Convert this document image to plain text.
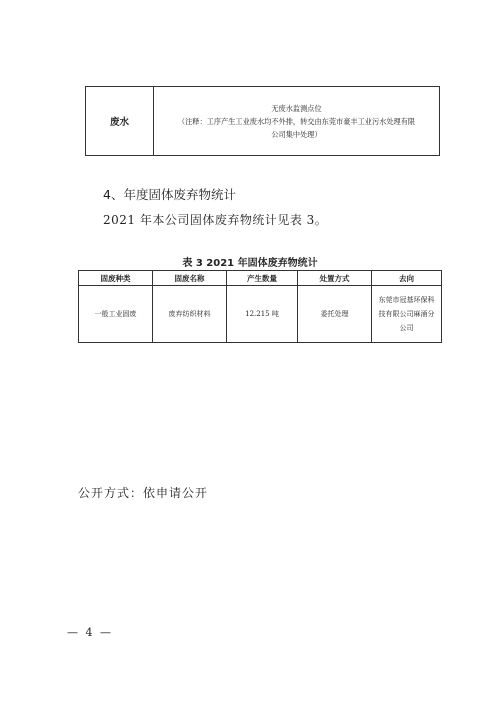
废水
无废水监测点位
（注释：工序产生工业废水均不外排，转交由东莞市豪丰工业污水处理有限
公司集中处理）
4、年度固体废弃物统计
2021 年本公司固体废弃物统计见表 3。
表 3 2021 年固体废弃物统计
固废种类	固废名称	产生数量	处置方式	去向
一般工业固废	废弃纺织材料	12.215 吨	委托处理	东莞市冠基环保科技有限公司麻涌分公司
公开方式：依申请公开
— 4 —
